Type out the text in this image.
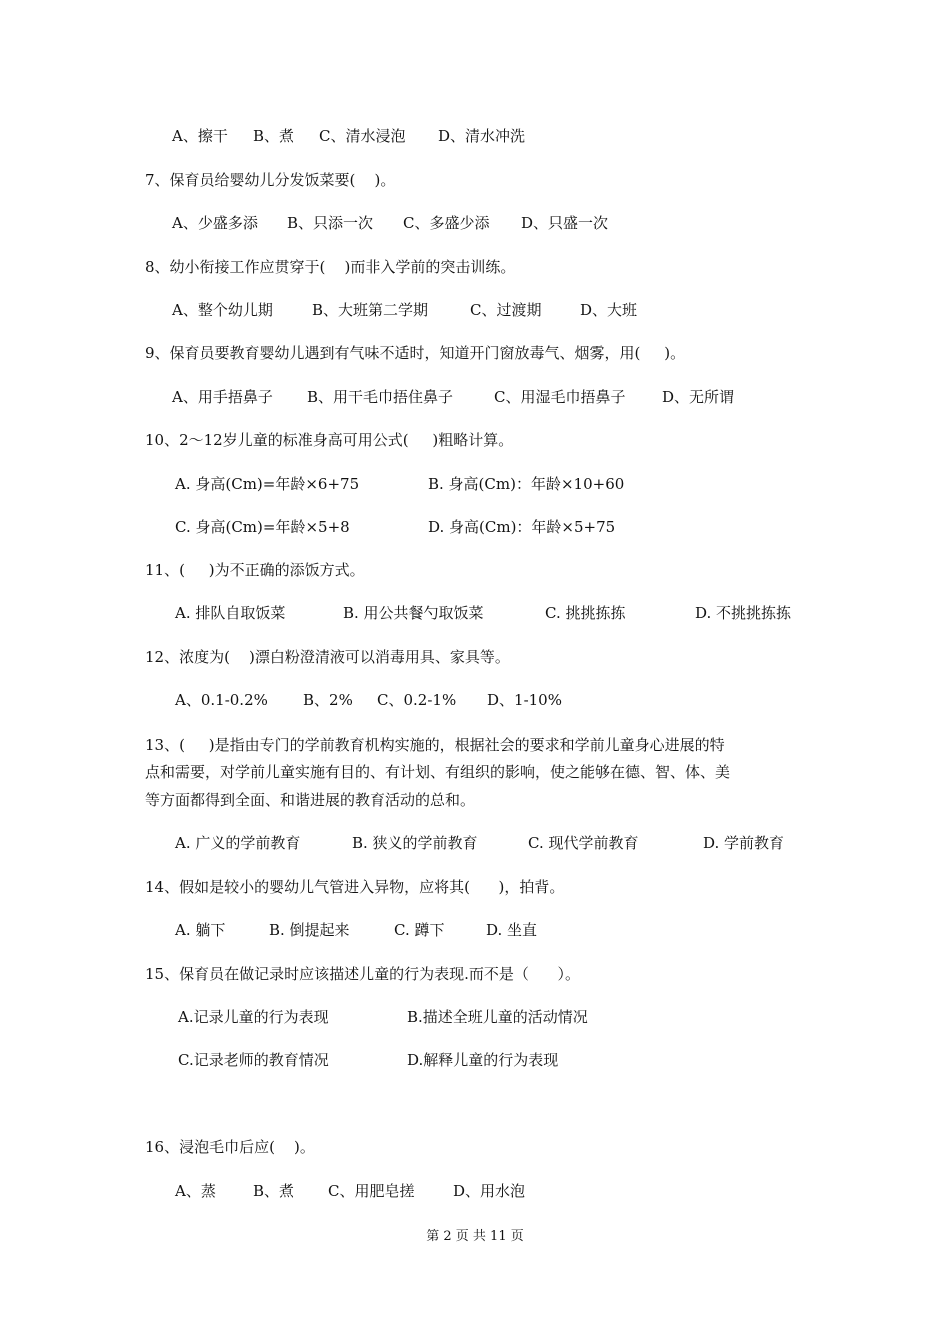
A、擦干 B、煮 C、清水浸泡 D、清水冲洗
7、保育员给婴幼儿分发饭菜要(    )。
A、少盛多添 B、只添一次 C、多盛少添 D、只盛一次
8、幼小衔接工作应贯穿于(    )而非入学前的突击训练。
A、整个幼儿期	B、大班第二学期	C、过渡期	D、大班
9、保育员要教育婴幼儿遇到有气味不适时，知道开门窗放毒气、烟雾，用(     )。
A、用手捂鼻子 B、用干毛巾捂住鼻子	C、用湿毛巾捂鼻子 D、无所谓
10、2～12岁儿童的标准身高可用公式(     )粗略计算。
A. 身高(Cm)=年龄×6+75	B. 身高(Cm)：年龄×10+60
C. 身高(Cm)=年龄×5+8	D. 身高(Cm)：年龄×5+75
11、(     )为不正确的添饭方式。
A. 排队自取饭菜	B. 用公共餐勺取饭菜	C. 挑挑拣拣	D. 不挑挑拣拣
12、浓度为(    )漂白粉澄清液可以消毒用具、家具等。
A、0.1-0.2% B、2% C、0.2-1% D、1-10%
13、(     )是指由专门的学前教育机构实施的，根据社会的要求和学前儿童身心进展的特
点和需要，对学前儿童实施有目的、有计划、有组织的影响，使之能够在德、智、体、美
等方面都得到全面、和谐进展的教育活动的总和。
A. 广义的学前教育	B. 狭义的学前教育	C. 现代学前教育	D. 学前教育
14、假如是较小的婴幼儿气管进入异物，应将其(      )，拍背。
A. 躺下	B. 倒提起来	C. 蹲下	D. 坐直
15、保育员在做记录时应该描述儿童的行为表现.而不是（      ）。
A.记录儿童的行为表现	B.描述全班儿童的活动情况
C.记录老师的教育情况	D.解释儿童的行为表现
16、浸泡毛巾后应(    )。
A、蒸 B、煮 C、用肥皂搓	D、用水泡
第 2 页 共 11 页
